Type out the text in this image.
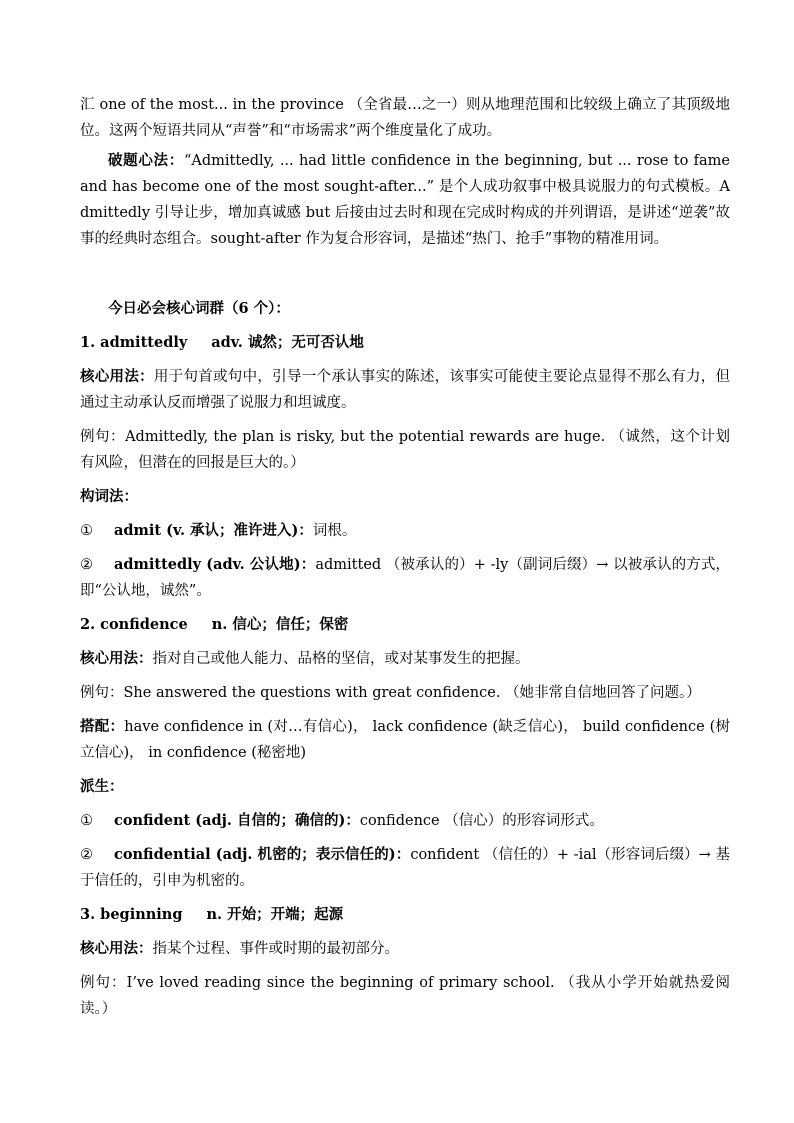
汇 one of the most... in the province （全省最…之一）则从地理范围和比较级上确立了其顶级地位。这两个短语共同从“声誉”和“市场需求”两个维度量化了成功。

破题心法：“Admittedly, ... had little confidence in the beginning, but ... rose to fame and has become one of the most sought-after...” 是个人成功叙事中极具说服力的句式模板。Admittedly 引导让步，增加真诚感 but 后接由过去时和现在完成时构成的并列谓语，是讲述“逆袭”故事的经典时态组合。sought-after 作为复合形容词，是描述“热门、抢手”事物的精准用词。

今日必会核心词群（6 个）：

1. admittedly adv. 诚然；无可否认地

核心用法：用于句首或句中，引导一个承认事实的陈述，该事实可能使主要论点显得不那么有力，但通过主动承认反而增强了说服力和坦诚度。

例句：Admittedly, the plan is risky, but the potential rewards are huge. （诚然，这个计划有风险，但潜在的回报是巨大的。）

构词法：

① admit (v. 承认；准许进入)：词根。

② admittedly (adv. 公认地)：admitted （被承认的）+ -ly（副词后缀）→ 以被承认的方式，即“公认地，诚然”。

2. confidence n. 信心；信任；保密

核心用法：指对自己或他人能力、品格的坚信，或对某事发生的把握。

例句：She answered the questions with great confidence. （她非常自信地回答了问题。）

搭配：have confidence in (对…有信心)， lack confidence (缺乏信心)， build confidence (树立信心)， in confidence (秘密地)

派生：

① confident (adj. 自信的；确信的)：confidence （信心）的形容词形式。

② confidential (adj. 机密的；表示信任的)：confident （信任的）+ -ial（形容词后缀）→ 基于信任的，引申为机密的。

3. beginning n. 开始；开端；起源

核心用法：指某个过程、事件或时期的最初部分。

例句：I’ve loved reading since the beginning of primary school. （我从小学开始就热爱阅读。）
